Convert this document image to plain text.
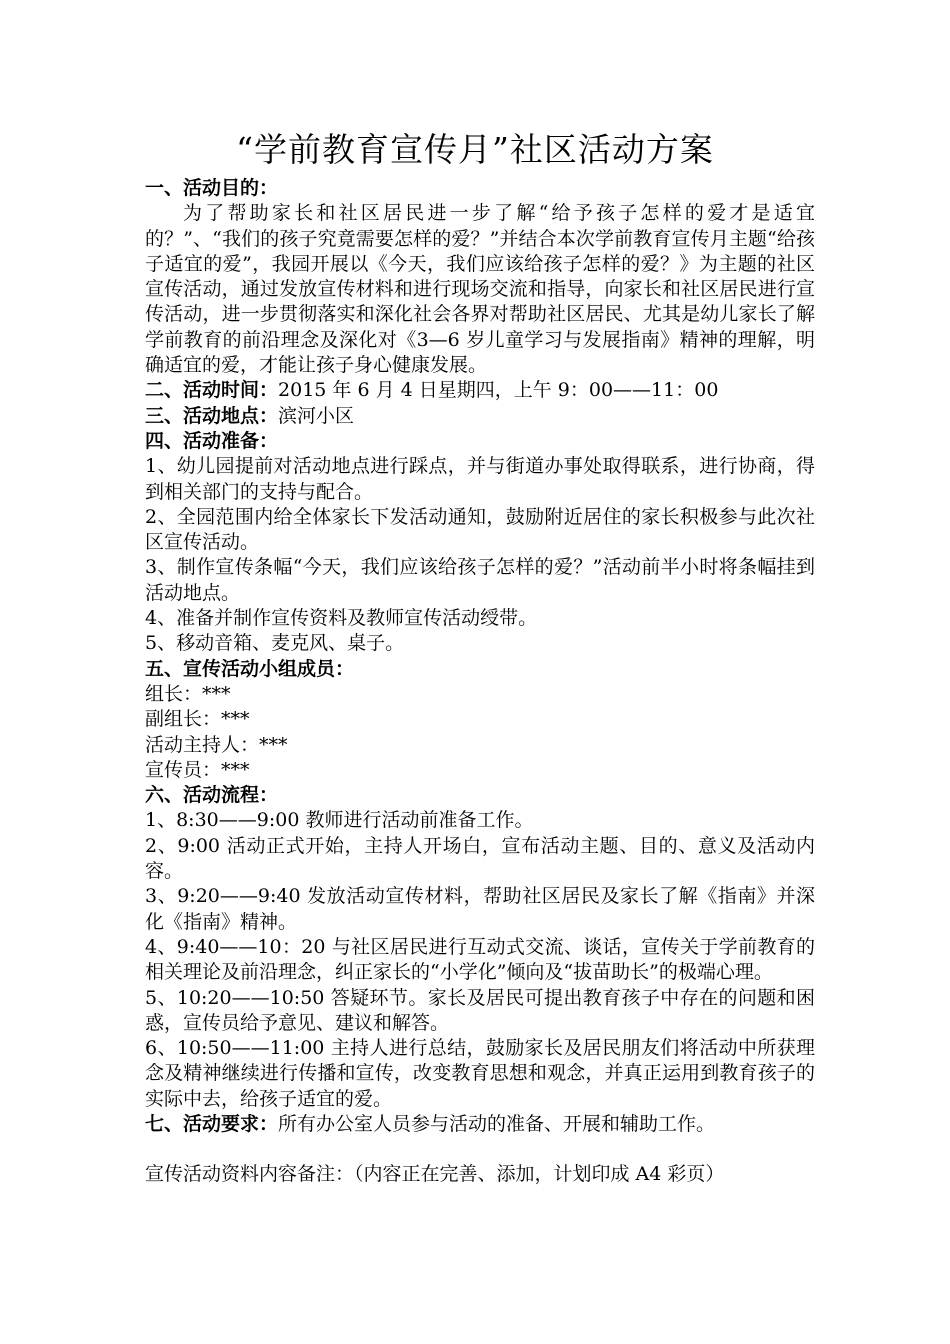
“学前教育宣传月”社区活动方案

一、活动目的：

为了帮助家长和社区居民进一步了解“给予孩子怎样的爱才是适宜的？”、“我们的孩子究竟需要怎样的爱？”并结合本次学前教育宣传月主题“给孩子适宜的爱”，我园开展以《今天，我们应该给孩子怎样的爱？》为主题的社区宣传活动，通过发放宣传材料和进行现场交流和指导，向家长和社区居民进行宣传活动，进一步贯彻落实和深化社会各界对帮助社区居民、尤其是幼儿家长了解学前教育的前沿理念及深化对《3—6 岁儿童学习与发展指南》精神的理解，明确适宜的爱，才能让孩子身心健康发展。

二、活动时间：2015 年 6 月 4 日星期四，上午 9：00——11：00

三、活动地点：滨河小区

四、活动准备：

1、幼儿园提前对活动地点进行踩点，并与街道办事处取得联系，进行协商，得到相关部门的支持与配合。

2、全园范围内给全体家长下发活动通知，鼓励附近居住的家长积极参与此次社区宣传活动。

3、制作宣传条幅“今天，我们应该给孩子怎样的爱？”活动前半小时将条幅挂到活动地点。

4、准备并制作宣传资料及教师宣传活动绶带。

5、移动音箱、麦克风、桌子。

五、宣传活动小组成员：

组长：***

副组长：***

活动主持人：***

宣传员：***

六、活动流程：

1、8:30——9:00 教师进行活动前准备工作。

2、9:00 活动正式开始，主持人开场白，宣布活动主题、目的、意义及活动内容。

3、9:20——9:40 发放活动宣传材料，帮助社区居民及家长了解《指南》并深化《指南》精神。

4、9:40——10：20 与社区居民进行互动式交流、谈话，宣传关于学前教育的相关理论及前沿理念，纠正家长的“小学化”倾向及“拔苗助长”的极端心理。

5、10:20——10:50 答疑环节。家长及居民可提出教育孩子中存在的问题和困惑，宣传员给予意见、建议和解答。

6、10:50——11:00 主持人进行总结，鼓励家长及居民朋友们将活动中所获理念及精神继续进行传播和宣传，改变教育思想和观念，并真正运用到教育孩子的实际中去，给孩子适宜的爱。

七、活动要求：所有办公室人员参与活动的准备、开展和辅助工作。

宣传活动资料内容备注：（内容正在完善、添加，计划印成 A4 彩页）
